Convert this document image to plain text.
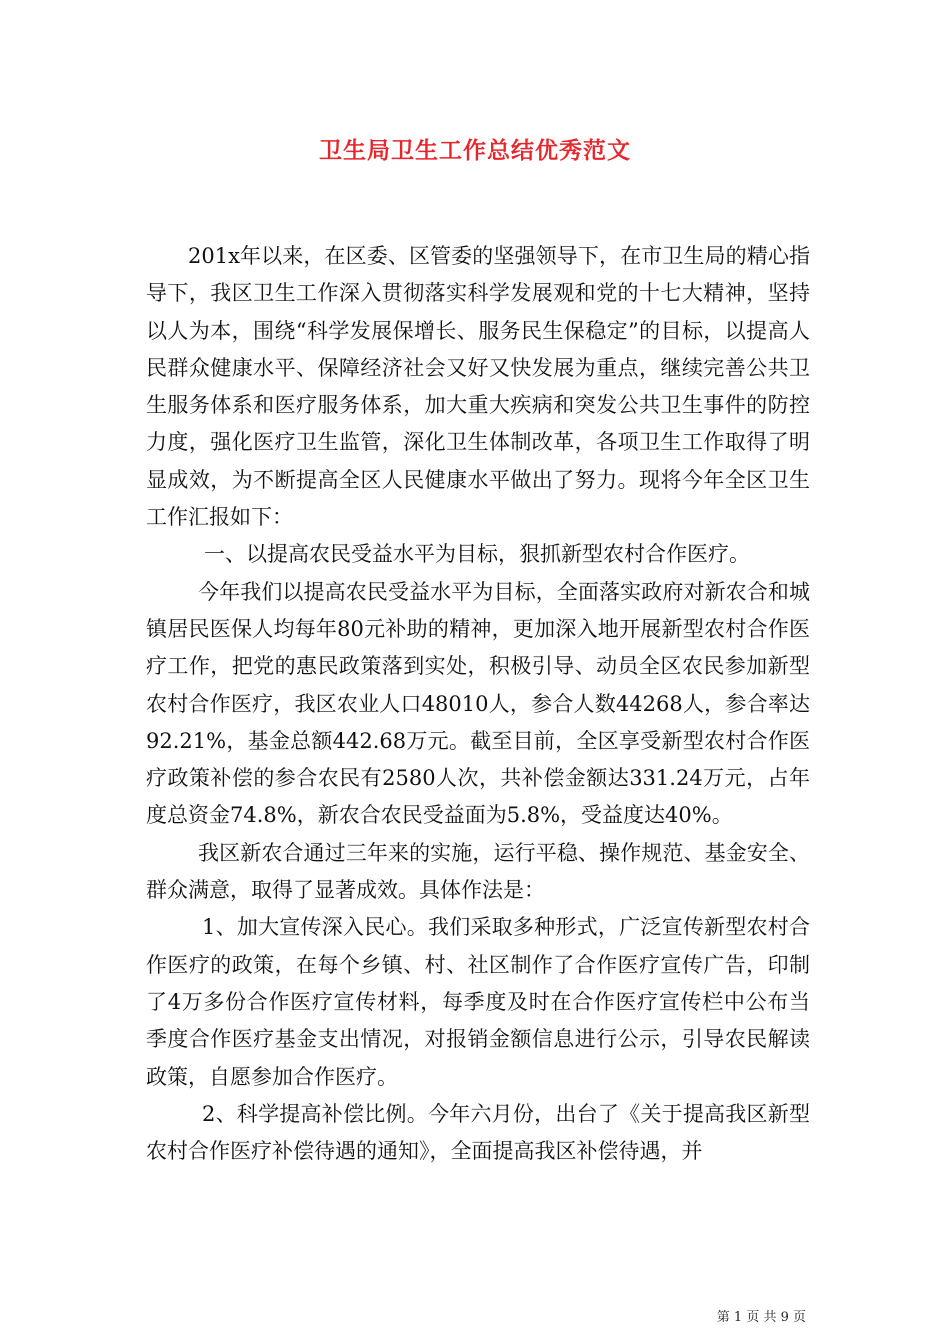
卫生局卫生工作总结优秀范文

201x年以来，在区委、区管委的坚强领导下，在市卫生局的精心指导下，我区卫生工作深入贯彻落实科学发展观和党的十七大精神，坚持以人为本，围绕“科学发展保增长、服务民生保稳定”的目标，以提高人民群众健康水平、保障经济社会又好又快发展为重点，继续完善公共卫生服务体系和医疗服务体系，加大重大疾病和突发公共卫生事件的防控力度，强化医疗卫生监管，深化卫生体制改革，各项卫生工作取得了明显成效，为不断提高全区人民健康水平做出了努力。现将今年全区卫生工作汇报如下：

一、以提高农民受益水平为目标，狠抓新型农村合作医疗。

今年我们以提高农民受益水平为目标，全面落实政府对新农合和城镇居民医保人均每年80元补助的精神，更加深入地开展新型农村合作医疗工作，把党的惠民政策落到实处，积极引导、动员全区农民参加新型农村合作医疗，我区农业人口48010人，参合人数44268人，参合率达92.21%，基金总额442.68万元。截至目前，全区享受新型农村合作医疗政策补偿的参合农民有2580人次，共补偿金额达331.24万元，占年度总资金74.8%，新农合农民受益面为5.8%，受益度达40%。

我区新农合通过三年来的实施，运行平稳、操作规范、基金安全、群众满意，取得了显著成效。具体作法是：

1、加大宣传深入民心。我们采取多种形式，广泛宣传新型农村合作医疗的政策，在每个乡镇、村、社区制作了合作医疗宣传广告，印制了4万多份合作医疗宣传材料，每季度及时在合作医疗宣传栏中公布当季度合作医疗基金支出情况，对报销金额信息进行公示，引导农民解读政策，自愿参加合作医疗。

2、科学提高补偿比例。今年六月份，出台了《关于提高我区新型农村合作医疗补偿待遇的通知》，全面提高我区补偿待遇，并

第 1 页 共 9 页
